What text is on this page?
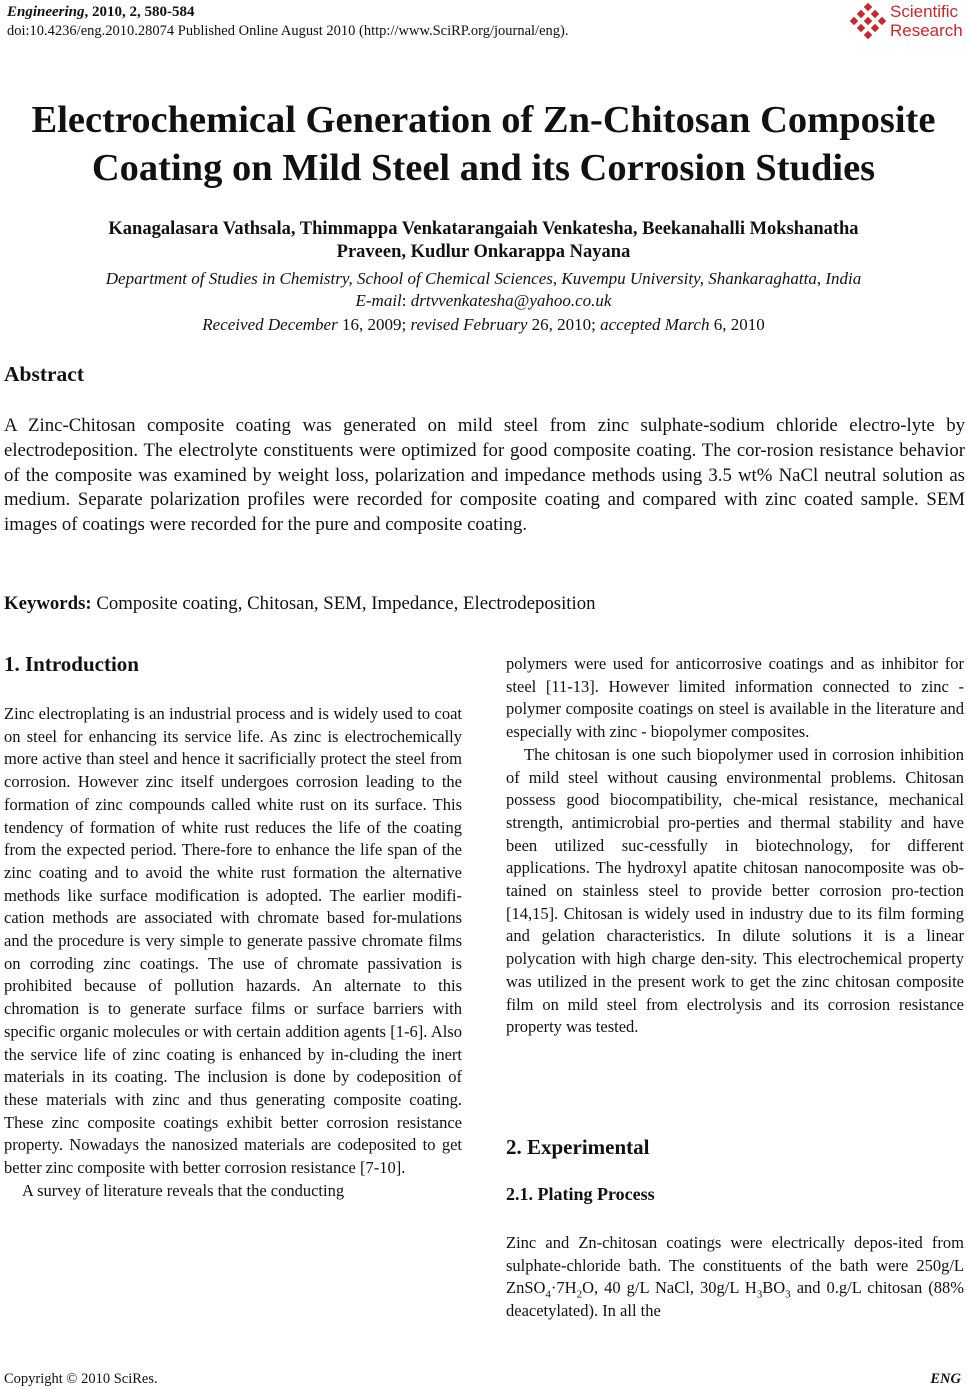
Engineering, 2010, 2, 580-584
doi:10.4236/eng.2010.28074 Published Online August 2010 (http://www.SciRP.org/journal/eng).
Scientific
Research
Electrochemical Generation of Zn-Chitosan Composite
Coating on Mild Steel and its Corrosion Studies
Kanagalasara Vathsala, Thimmappa Venkatarangaiah Venkatesha, Beekanahalli Mokshanatha
Praveen, Kudlur Onkarappa Nayana
Department of Studies in Chemistry, School of Chemical Sciences, Kuvempu University, Shankaraghatta, India
E-mail: drtvvenkatesha@yahoo.co.uk
Received December 16, 2009; revised February 26, 2010; accepted March 6, 2010
Abstract
A Zinc-Chitosan composite coating was generated on mild steel from zinc sulphate-sodium chloride electro-lyte by electrodeposition. The electrolyte constituents were optimized for good composite coating. The cor-rosion resistance behavior of the composite was examined by weight loss, polarization and impedance methods using 3.5 wt% NaCl neutral solution as medium. Separate polarization profiles were recorded for composite coating and compared with zinc coated sample. SEM images of coatings were recorded for the pure and composite coating.
Keywords: Composite coating, Chitosan, SEM, Impedance, Electrodeposition
1. Introduction

Zinc electroplating is an industrial process and is widely used to coat on steel for enhancing its service life. As zinc is electrochemically more active than steel and hence it sacrificially protect the steel from corrosion. However zinc itself undergoes corrosion leading to the formation of zinc compounds called white rust on its surface. This tendency of formation of white rust reduces the life of the coating from the expected period. There-fore to enhance the life span of the zinc coating and to avoid the white rust formation the alternative methods like surface modification is adopted. The earlier modifi-cation methods are associated with chromate based for-mulations and the procedure is very simple to generate passive chromate films on corroding zinc coatings. The use of chromate passivation is prohibited because of pollution hazards. An alternate to this chromation is to generate surface films or surface barriers with specific organic molecules or with certain addition agents [1-6]. Also the service life of zinc coating is enhanced by in-cluding the inert materials in its coating. The inclusion is done by codeposition of these materials with zinc and thus generating composite coating. These zinc composite coatings exhibit better corrosion resistance property. Nowadays the nanosized materials are codeposited to get better zinc composite with better corrosion resistance [7-10].

A survey of literature reveals that the conducting

polymers were used for anticorrosive coatings and as inhibitor for steel [11-13]. However limited information connected to zinc - polymer composite coatings on steel is available in the literature and especially with zinc - biopolymer composites.

The chitosan is one such biopolymer used in corrosion inhibition of mild steel without causing environmental problems. Chitosan possess good biocompatibility, che-mical resistance, mechanical strength, antimicrobial pro-perties and thermal stability and have been utilized suc-cessfully in biotechnology, for different applications. The hydroxyl apatite chitosan nanocomposite was ob-tained on stainless steel to provide better corrosion pro-tection [14,15]. Chitosan is widely used in industry due to its film forming and gelation characteristics. In dilute solutions it is a linear polycation with high charge den-sity. This electrochemical property was utilized in the present work to get the zinc chitosan composite film on mild steel from electrolysis and its corrosion resistance property was tested.

2. Experimental
2.1. Plating Process
Zinc and Zn-chitosan coatings were electrically depos-ited from sulphate-chloride bath. The constituents of the bath were 250g/L $ZnSO_4\cdot 7H_2O$, 40 g/L NaCl, 30g/L $H_3BO_3$ and 0.g/L chitosan (88% deacetylated). In all the
Copyright © 2010 SciRes.	ENG
